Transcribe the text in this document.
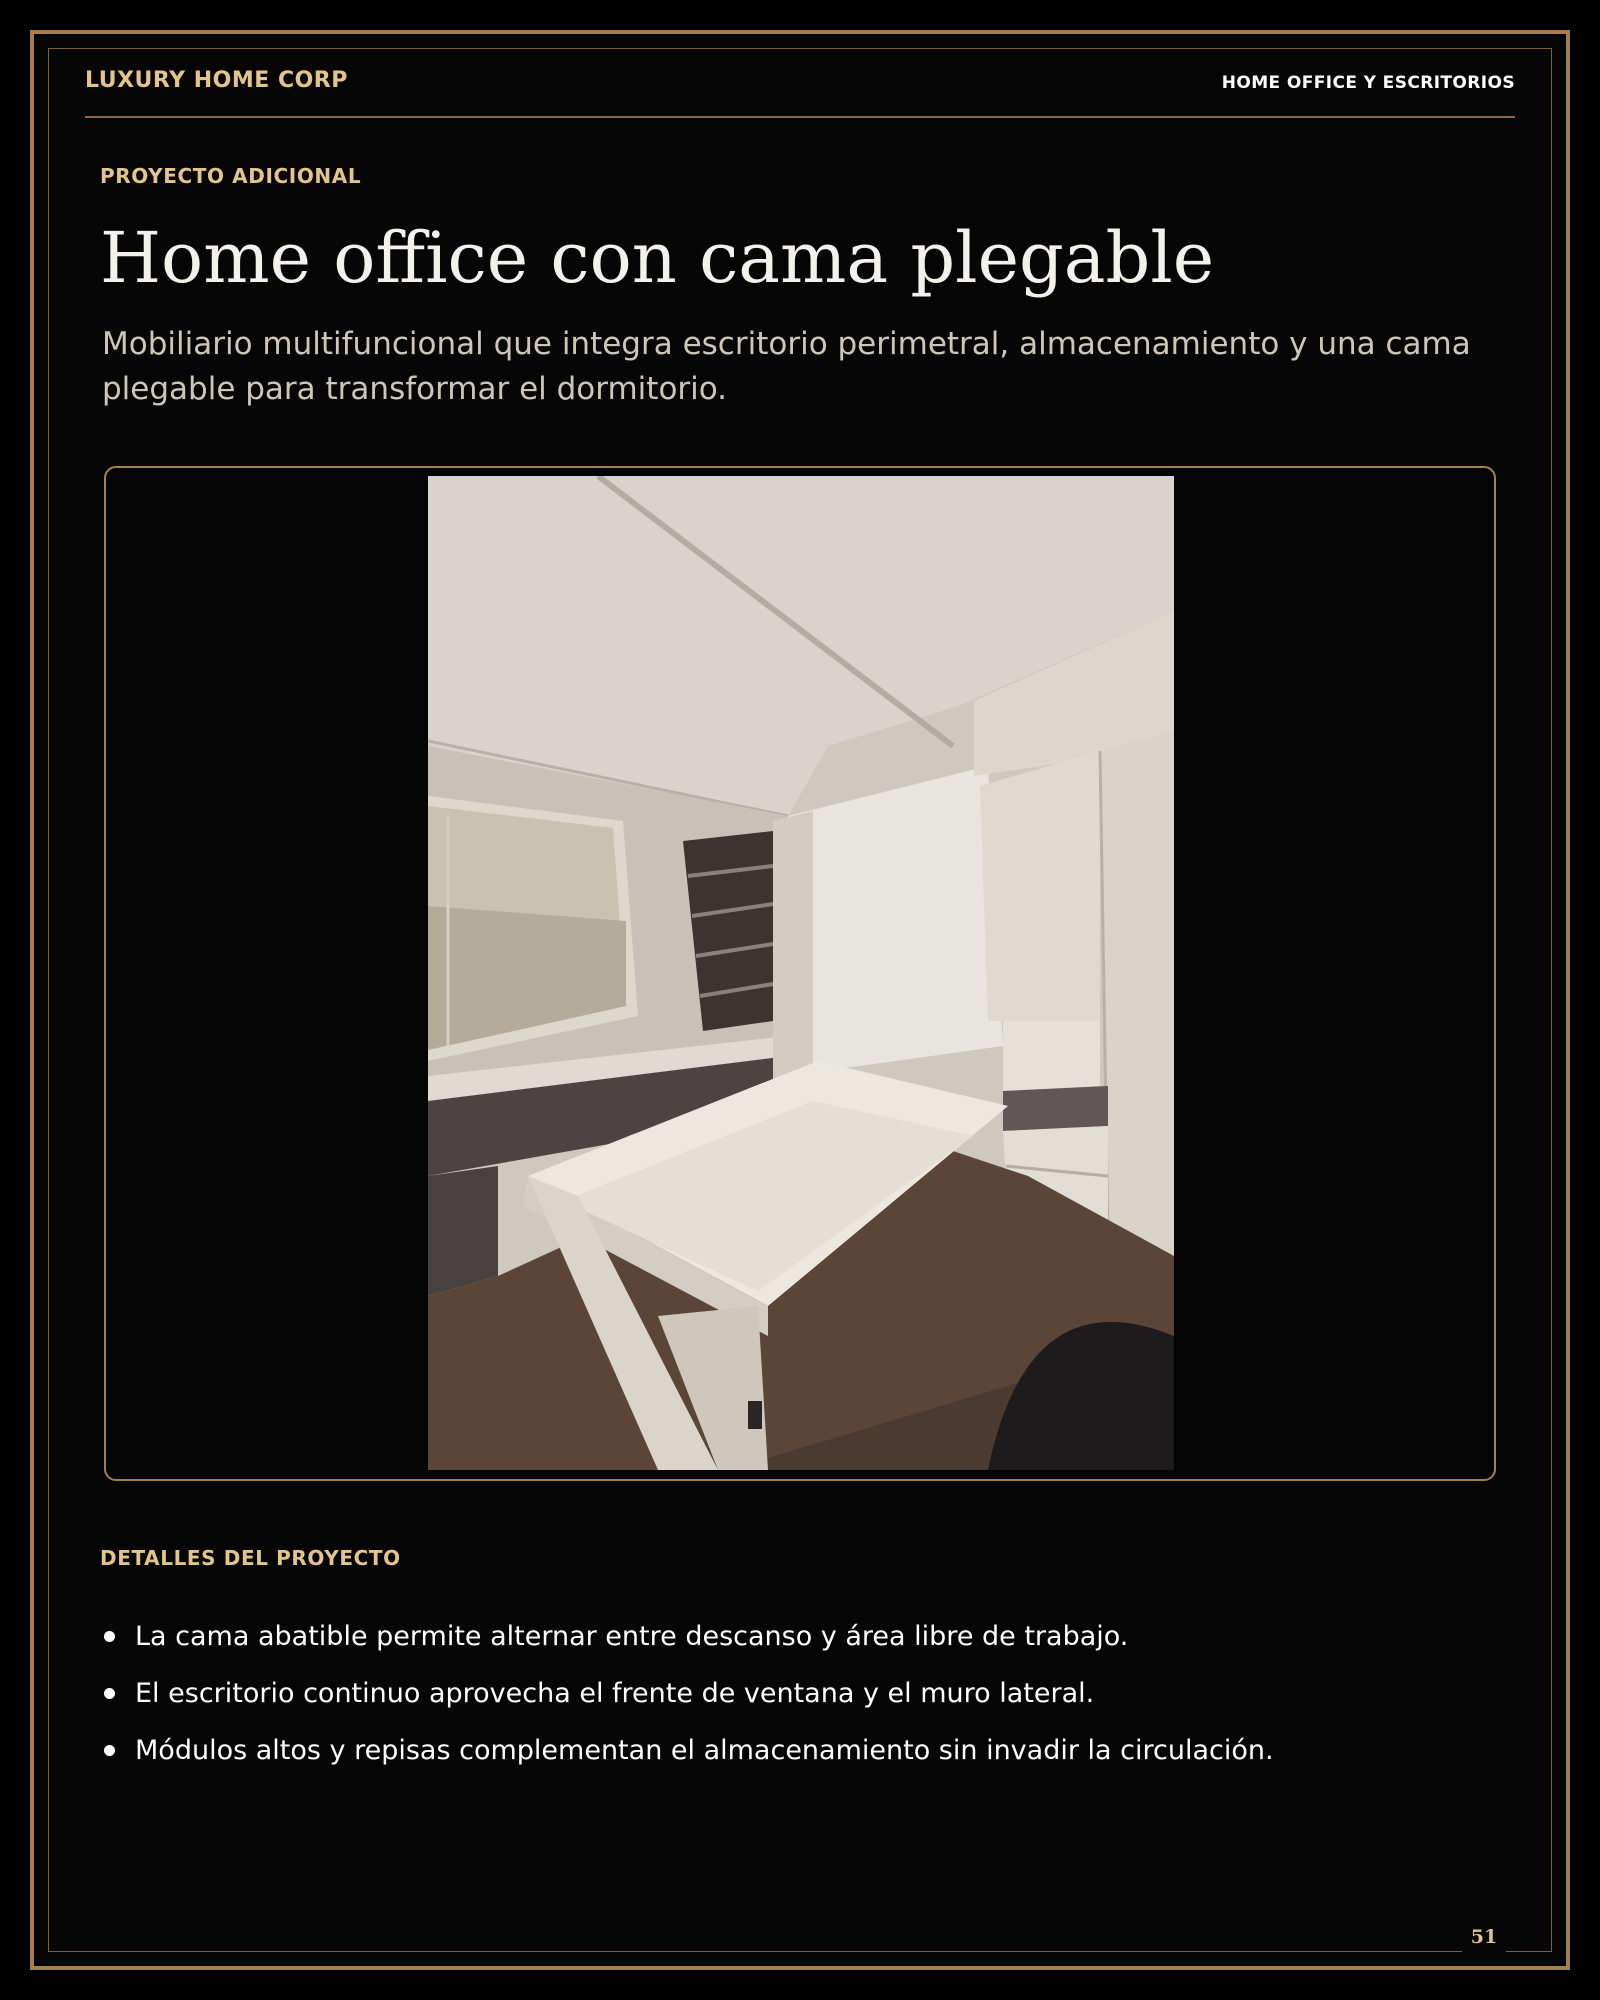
LUXURY HOME CORP	HOME OFFICE Y ESCRITORIOS
PROYECTO ADICIONAL
Home office con cama plegable

Mobiliario multifuncional que integra escritorio perimetral, almacenamiento y una cama plegable para transformar el dormitorio.

DETALLES DEL PROYECTO
La cama abatible permite alternar entre descanso y área libre de trabajo.
El escritorio continuo aprovecha el frente de ventana y el muro lateral.
Módulos altos y repisas complementan el almacenamiento sin invadir la circulación.
51
